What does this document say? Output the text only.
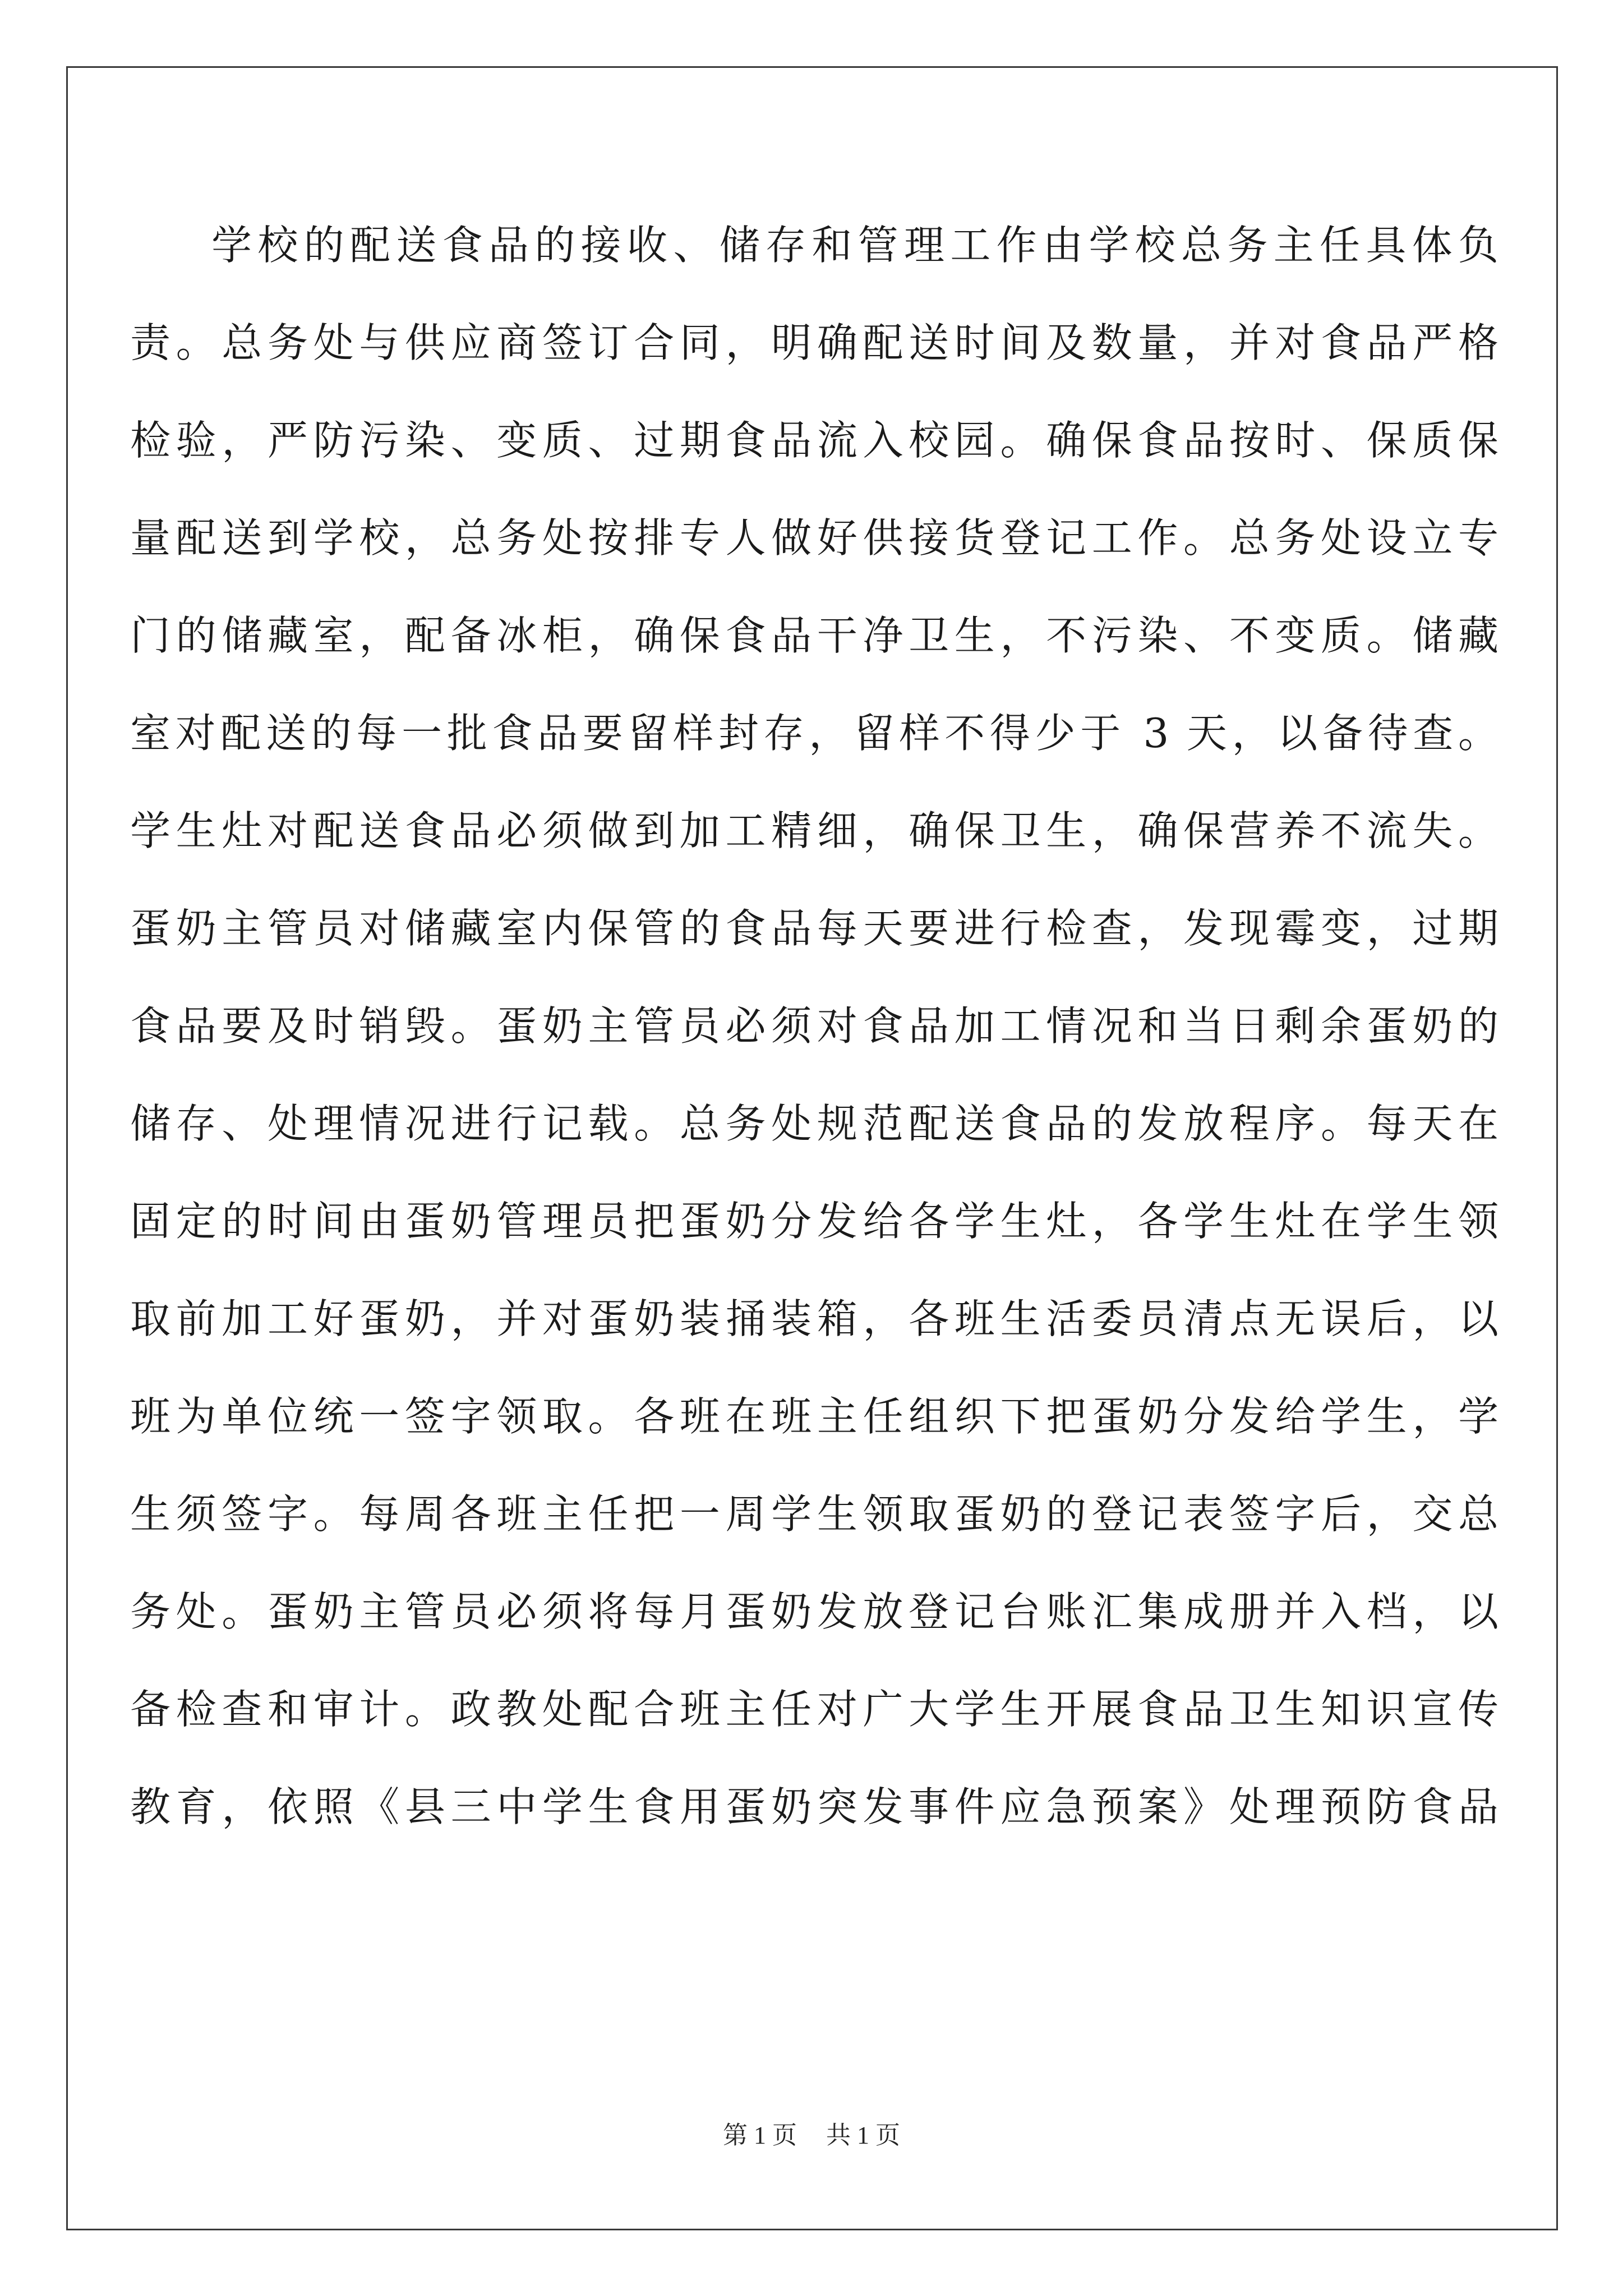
学校的配送食品的接收、储存和管理工作由学校总务主任具体负
责。总务处与供应商签订合同，明确配送时间及数量，并对食品严格
检验，严防污染、变质、过期食品流入校园。确保食品按时、保质保
量配送到学校，总务处按排专人做好供接货登记工作。总务处设立专
门的储藏室，配备冰柜，确保食品干净卫生，不污染、不变质。储藏
室对配送的每一批食品要留样封存，留样不得少于 3 天，以备待查。
学生灶对配送食品必须做到加工精细，确保卫生，确保营养不流失。
蛋奶主管员对储藏室内保管的食品每天要进行检查，发现霉变，过期
食品要及时销毁。蛋奶主管员必须对食品加工情况和当日剩余蛋奶的
储存、处理情况进行记载。总务处规范配送食品的发放程序。每天在
固定的时间由蛋奶管理员把蛋奶分发给各学生灶，各学生灶在学生领
取前加工好蛋奶，并对蛋奶装捅装箱，各班生活委员清点无误后，以
班为单位统一签字领取。各班在班主任组织下把蛋奶分发给学生，学
生须签字。每周各班主任把一周学生领取蛋奶的登记表签字后，交总
务处。蛋奶主管员必须将每月蛋奶发放登记台账汇集成册并入档，以
备检查和审计。政教处配合班主任对广大学生开展食品卫生知识宣传
教育，依照《县三中学生食用蛋奶突发事件应急预案》处理预防食品
第 1 页 共 1 页
